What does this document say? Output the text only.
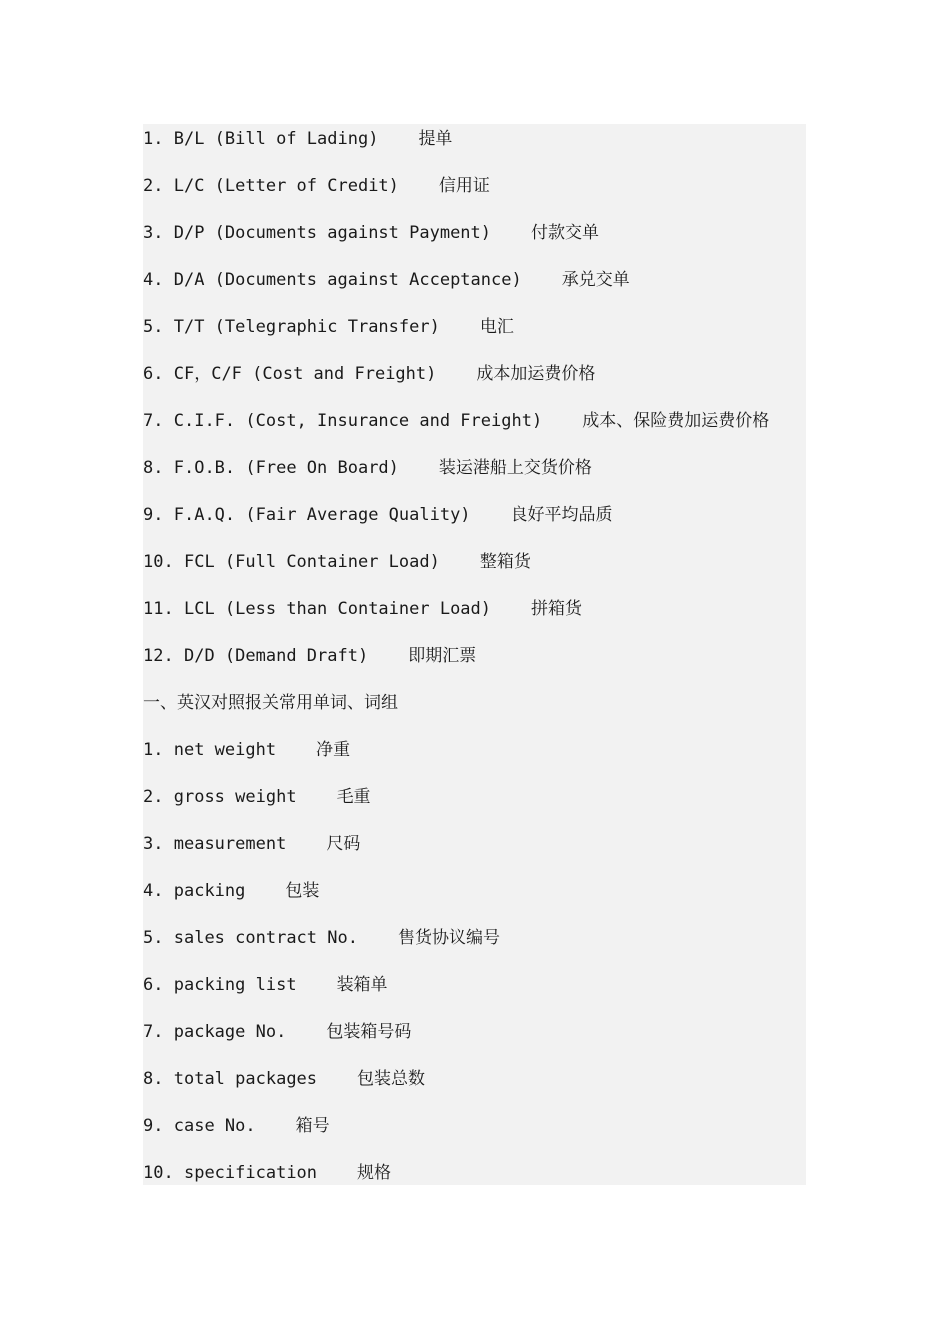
1. B/L (Bill of Lading) 提单
2. L/C (Letter of Credit) 信用证
3. D/P (Documents against Payment) 付款交单
4. D/A (Documents against Acceptance) 承兑交单
5. T/T (Telegraphic Transfer) 电汇
6. CF，C/F (Cost and Freight) 成本加运费价格
7. C.I.F. (Cost, Insurance and Freight) 成本、保险费加运费价格
8. F.O.B. (Free On Board) 装运港船上交货价格
9. F.A.Q. (Fair Average Quality) 良好平均品质
10. FCL (Full Container Load) 整箱货
11. LCL (Less than Container Load) 拼箱货
12. D/D (Demand Draft) 即期汇票
一、英汉对照报关常用单词、词组
1. net weight 净重
2. gross weight 毛重
3. measurement 尺码
4. packing 包装
5. sales contract No. 售货协议编号
6. packing list 装箱单
7. package No. 包装箱号码
8. total packages 包装总数
9. case No. 箱号
10. specification 规格
